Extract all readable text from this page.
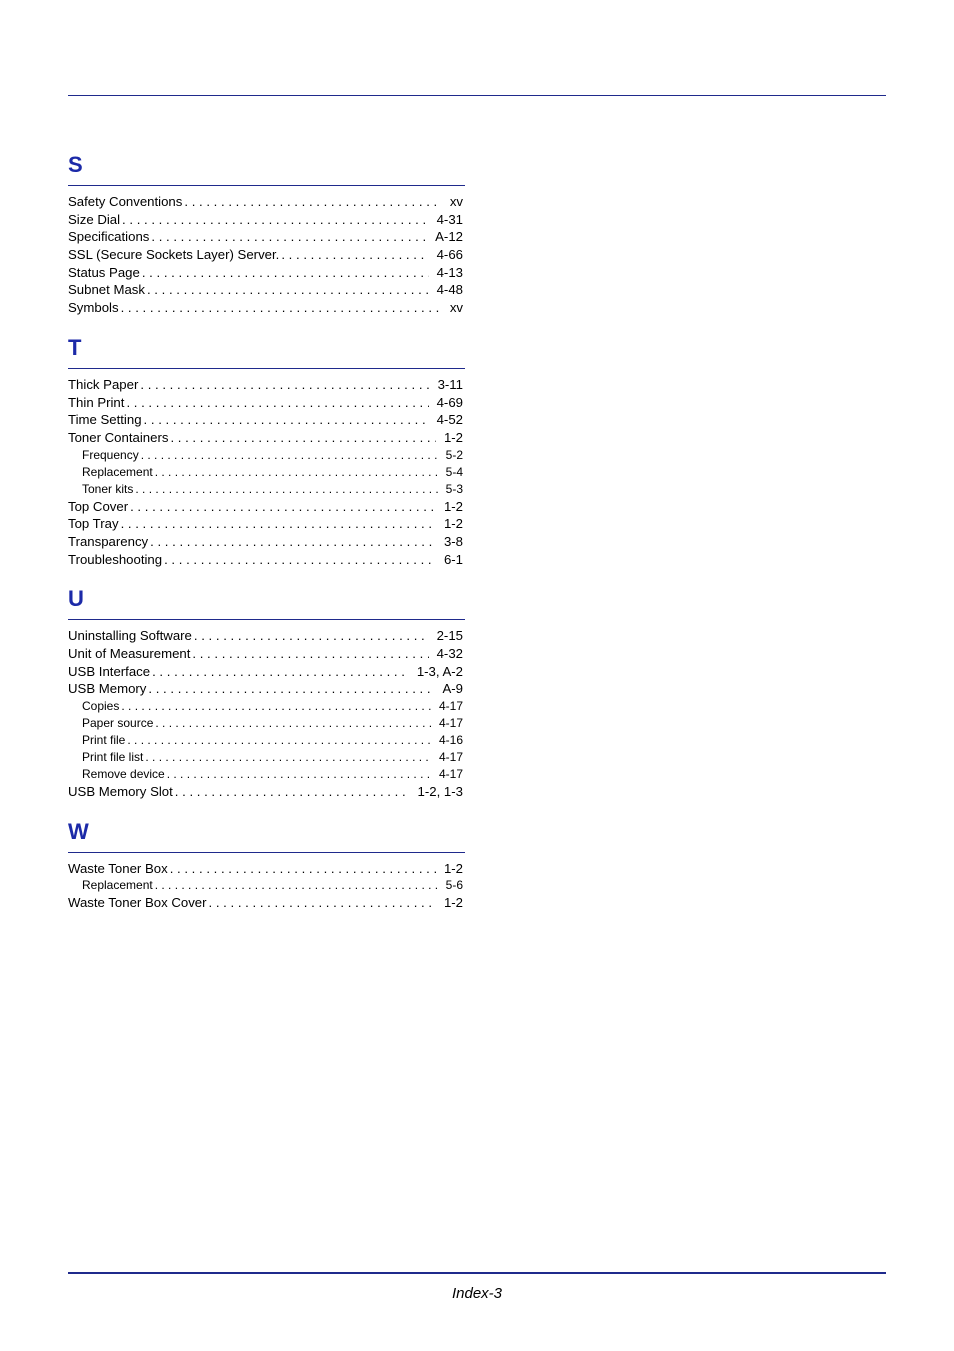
S
Safety Conventions . . .	xv
Size Dial . . .	4-31
Specifications . . .	A-12
SSL (Secure Sockets Layer) Server. . . .	4-66
Status Page . . .	4-13
Subnet Mask . . .	4-48
Symbols . . .	xv
T
Thick Paper . . .	3-11
Thin Print . . .	4-69
Time Setting . . .	4-52
Toner Containers . . .	1-2
Frequency . . .	5-2
Replacement . . .	5-4
Toner kits . . .	5-3
Top Cover . . .	1-2
Top Tray . . .	1-2
Transparency . . .	3-8
Troubleshooting . . .	6-1
U
Uninstalling Software . . .	2-15
Unit of Measurement . . .	4-32
USB Interface . . .	1-3, A-2
USB Memory . . .	A-9
Copies . . .	4-17
Paper source . . .	4-17
Print file . . .	4-16
Print file list . . .	4-17
Remove device . . .	4-17
USB Memory Slot . . .	1-2, 1-3
W
Waste Toner Box . . .	1-2
Replacement . . .	5-6
Waste Toner Box Cover . . .	1-2
Index-3
